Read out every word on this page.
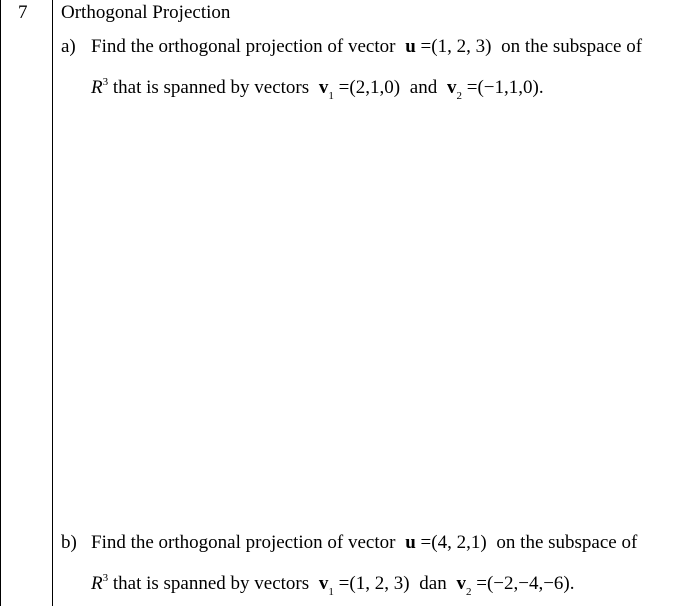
7 Orthogonal Projection
a) Find the orthogonal projection of vector u =(1, 2, 3) on the subspace of
$R^3$ that is spanned by vectors $v_1 =(2,1,0)$ and $v_2 =(-1,1,0)$.
b) Find the orthogonal projection of vector u =(4, 2,1) on the subspace of
$R^3$ that is spanned by vectors $v_1 =(1$, 2, 3) dan $v_2 =(-2,-4,-6)$.
